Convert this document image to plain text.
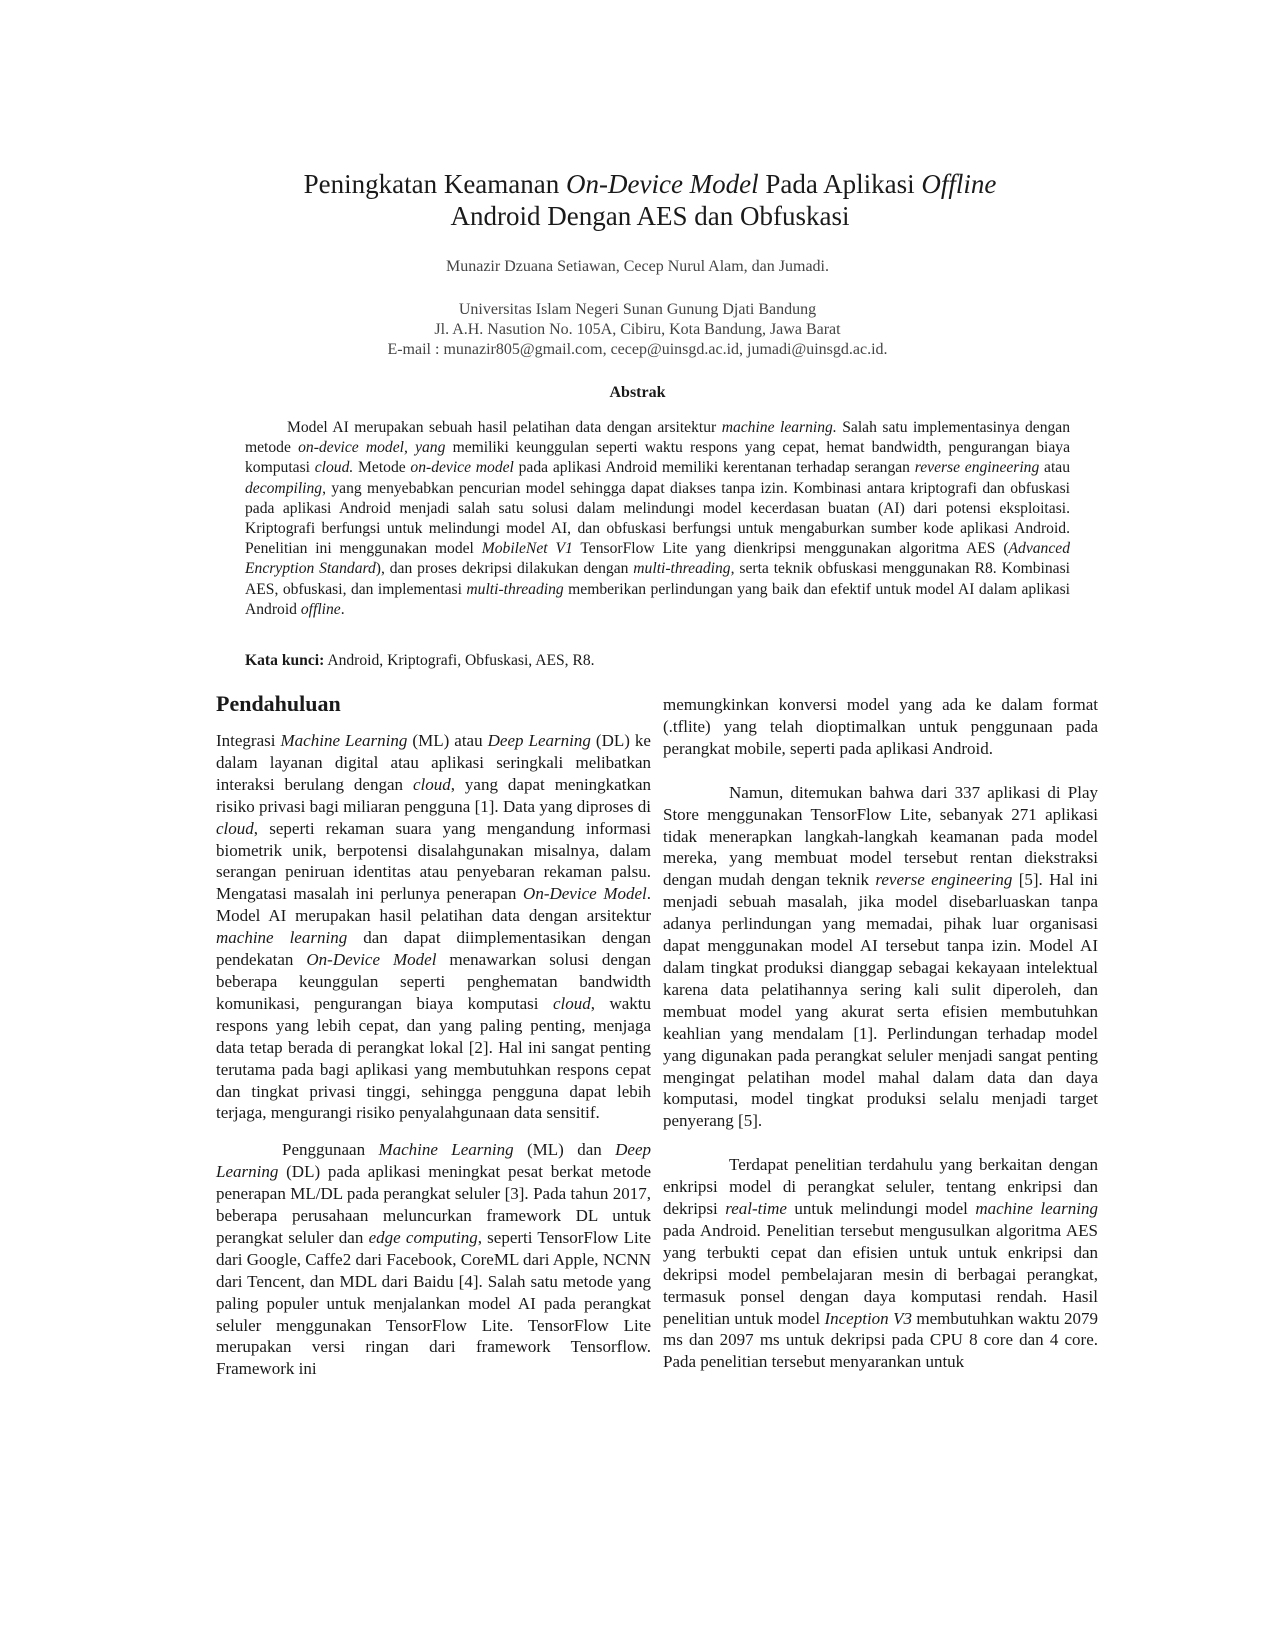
Peningkatan Keamanan On-Device Model Pada Aplikasi Offline
Android Dengan AES dan Obfuskasi
Munazir Dzuana Setiawan, Cecep Nurul Alam, dan Jumadi.
Universitas Islam Negeri Sunan Gunung Djati Bandung
Jl. A.H. Nasution No. 105A, Cibiru, Kota Bandung, Jawa Barat
E-mail : munazir805@gmail.com, cecep@uinsgd.ac.id, jumadi@uinsgd.ac.id.
Abstrak

Model AI merupakan sebuah hasil pelatihan data dengan arsitektur machine learning. Salah satu implementasinya dengan metode on-device model, yang memiliki keunggulan seperti waktu respons yang cepat, hemat bandwidth, pengurangan biaya komputasi cloud. Metode on-device model pada aplikasi Android memiliki kerentanan terhadap serangan reverse engineering atau decompiling, yang menyebabkan pencurian model sehingga dapat diakses tanpa izin. Kombinasi antara kriptografi dan obfuskasi pada aplikasi Android menjadi salah satu solusi dalam melindungi model kecerdasan buatan (AI) dari potensi eksploitasi. Kriptografi berfungsi untuk melindungi model AI, dan obfuskasi berfungsi untuk mengaburkan sumber kode aplikasi Android. Penelitian ini menggunakan model MobileNet V1 TensorFlow Lite yang dienkripsi menggunakan algoritma AES (Advanced Encryption Standard), dan proses dekripsi dilakukan dengan multi-threading, serta teknik obfuskasi menggunakan R8. Kombinasi AES, obfuskasi, dan implementasi multi-threading memberikan perlindungan yang baik dan efektif untuk model AI dalam aplikasi Android offline.

Kata kunci: Android, Kriptografi, Obfuskasi, AES, R8.
Pendahuluan

Integrasi Machine Learning (ML) atau Deep Learning (DL) ke dalam layanan digital atau aplikasi seringkali melibatkan interaksi berulang dengan cloud, yang dapat meningkatkan risiko privasi bagi miliaran pengguna [1]. Data yang diproses di cloud, seperti rekaman suara yang mengandung informasi biometrik unik, berpotensi disalahgunakan misalnya, dalam serangan peniruan identitas atau penyebaran rekaman palsu. Mengatasi masalah ini perlunya penerapan On-Device Model. Model AI merupakan hasil pelatihan data dengan arsitektur machine learning dan dapat diimplementasikan dengan pendekatan On-Device Model menawarkan solusi dengan beberapa keunggulan seperti penghematan bandwidth komunikasi, pengurangan biaya komputasi cloud, waktu respons yang lebih cepat, dan yang paling penting, menjaga data tetap berada di perangkat lokal [2]. Hal ini sangat penting terutama pada bagi aplikasi yang membutuhkan respons cepat dan tingkat privasi tinggi, sehingga pengguna dapat lebih terjaga, mengurangi risiko penyalahgunaan data sensitif.

Penggunaan Machine Learning (ML) dan Deep Learning (DL) pada aplikasi meningkat pesat berkat metode penerapan ML/DL pada perangkat seluler [3]. Pada tahun 2017, beberapa perusahaan meluncurkan framework DL untuk perangkat seluler dan edge computing, seperti TensorFlow Lite dari Google, Caffe2 dari Facebook, CoreML dari Apple, NCNN dari Tencent, dan MDL dari Baidu [4]. Salah satu metode yang paling populer untuk menjalankan model AI pada perangkat seluler menggunakan TensorFlow Lite. TensorFlow Lite merupakan versi ringan dari framework Tensorflow. Framework ini

memungkinkan konversi model yang ada ke dalam format (.tflite) yang telah dioptimalkan untuk penggunaan pada perangkat mobile, seperti pada aplikasi Android.

Namun, ditemukan bahwa dari 337 aplikasi di Play Store menggunakan TensorFlow Lite, sebanyak 271 aplikasi tidak menerapkan langkah-langkah keamanan pada model mereka, yang membuat model tersebut rentan diekstraksi dengan mudah dengan teknik reverse engineering [5]. Hal ini menjadi sebuah masalah, jika model disebarluaskan tanpa adanya perlindungan yang memadai, pihak luar organisasi dapat menggunakan model AI tersebut tanpa izin. Model AI dalam tingkat produksi dianggap sebagai kekayaan intelektual karena data pelatihannya sering kali sulit diperoleh, dan membuat model yang akurat serta efisien membutuhkan keahlian yang mendalam [1]. Perlindungan terhadap model yang digunakan pada perangkat seluler menjadi sangat penting mengingat pelatihan model mahal dalam data dan daya komputasi, model tingkat produksi selalu menjadi target penyerang [5].

Terdapat penelitian terdahulu yang berkaitan dengan enkripsi model di perangkat seluler, tentang enkripsi dan dekripsi real-time untuk melindungi model machine learning pada Android. Penelitian tersebut mengusulkan algoritma AES yang terbukti cepat dan efisien untuk untuk enkripsi dan dekripsi model pembelajaran mesin di berbagai perangkat, termasuk ponsel dengan daya komputasi rendah. Hasil penelitian untuk model Inception V3 membutuhkan waktu 2079 ms dan 2097 ms untuk dekripsi pada CPU 8 core dan 4 core. Pada penelitian tersebut menyarankan untuk
